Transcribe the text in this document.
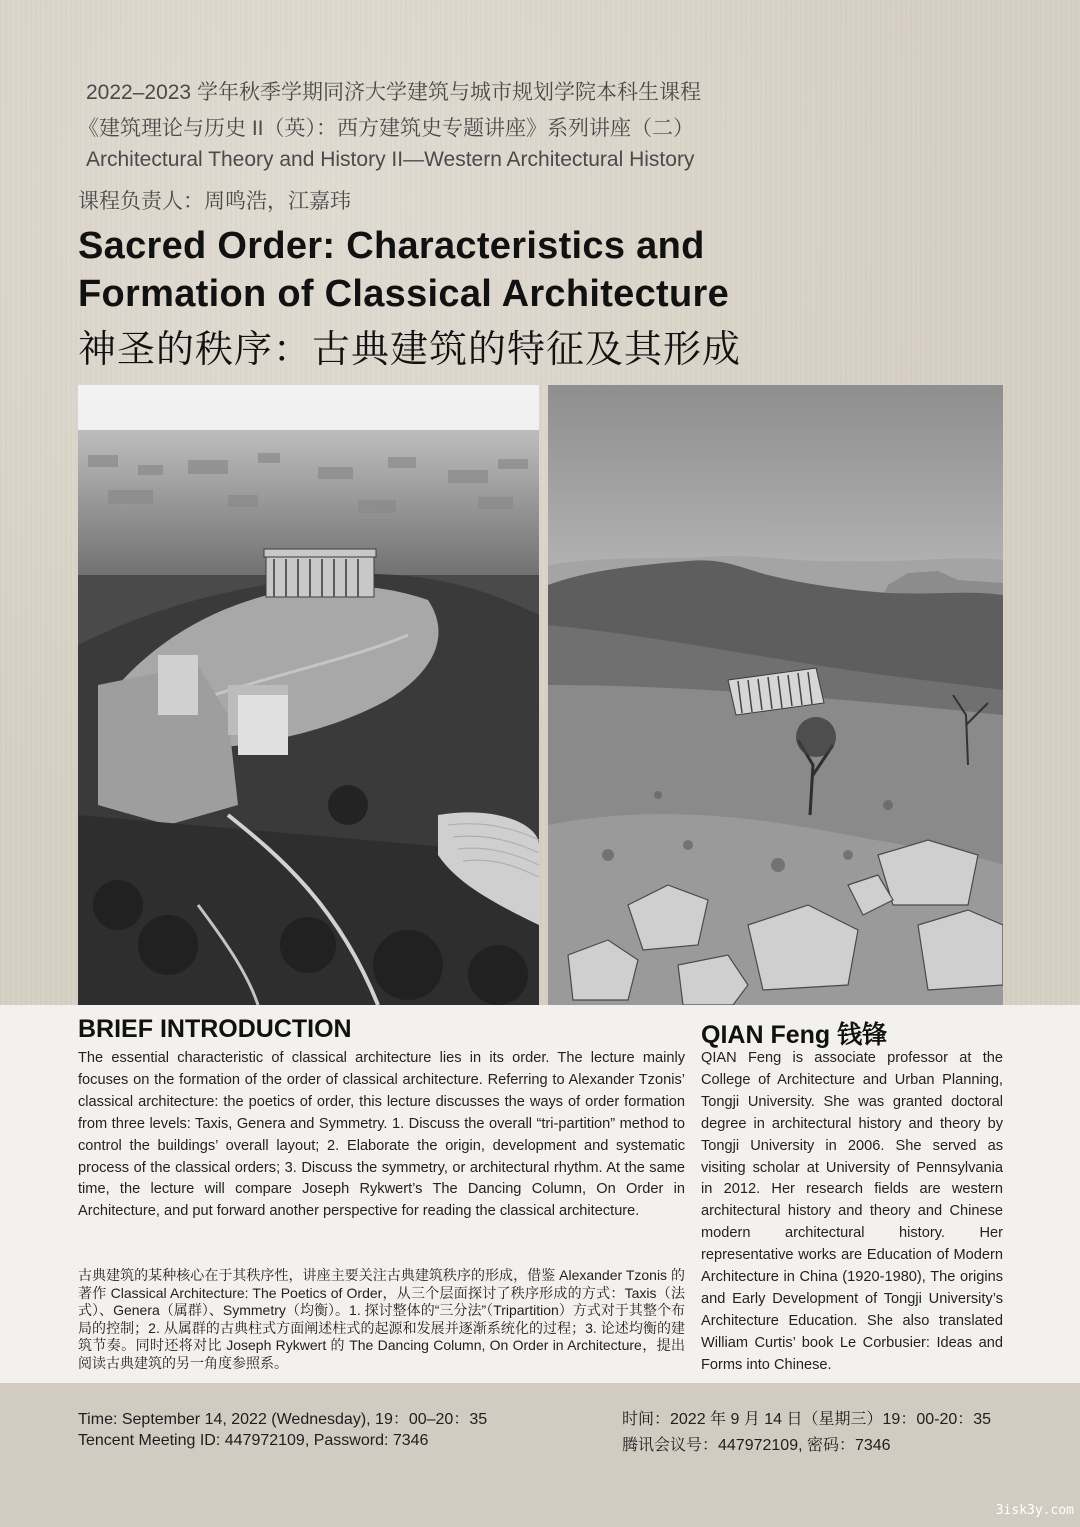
2022–2023 学年秋季学期同济大学建筑与城市规划学院本科生课程
《建筑理论与历史 II（英）：西方建筑史专题讲座》系列讲座（二）
Architectural Theory and History II—Western Architectural History
课程负责人：周鸣浩，江嘉玮
Sacred Order: Characteristics and
Formation of Classical Architecture
神圣的秩序：古典建筑的特征及其形成
BRIEF INTRODUCTION	QIAN Feng 钱锋
The essential characteristic of classical architecture lies in its order. The lecture mainly focuses on the formation of the order of classical architecture. Referring to Alexander Tzonis’ classical architecture: the poetics of order, this lecture discusses the ways of order formation from three levels: Taxis, Genera and Symmetry. 1. Discuss the overall “tri-partition” method to control the buildings’ overall layout; 2. Elaborate the origin, development and systematic process of the classical orders; 3. Discuss the symmetry, or architectural rhythm. At the same time, the lecture will compare Joseph Rykwert’s The Dancing Column, On Order in Architecture, and put forward another perspective for reading the classical architecture.
古典建筑的某种核心在于其秩序性，讲座主要关注古典建筑秩序的形成，借鉴 Alexander Tzonis 的著作 Classical Architecture: The Poetics of Order，从三个层面探讨了秩序形成的方式：Taxis（法式）、Genera（属群）、Symmetry（均衡）。1. 探讨整体的“三分法”（Tripartition）方式对于其整个布局的控制；2. 从属群的古典柱式方面阐述柱式的起源和发展并逐渐系统化的过程；3. 论述均衡的建筑节奏。同时还将对比 Joseph Rykwert 的 The Dancing Column, On Order in Architecture，提出阅读古典建筑的另一角度参照系。
QIAN Feng is associate professor at the College of Architecture and Urban Planning, Tongji University. She was granted doctoral degree in architectural history and theory by Tongji University in 2006. She served as visiting scholar at University of Pennsylvania in 2012. Her research fields are western architectural history and theory and Chinese modern architectural history. Her representative works are Education of Modern Architecture in China (1920-1980), The origins and Early Development of Tongji University’s Architecture Education. She also translated William Curtis’ book Le Corbusier: Ideas and Forms into Chinese.
Time: September 14, 2022 (Wednesday), 19：00–20：35
Tencent Meeting ID: 447972109, Password: 7346
时间：2022 年 9 月 14 日（星期三）19：00-20：35
腾讯会议号：447972109, 密码：7346
3isk3y.com
